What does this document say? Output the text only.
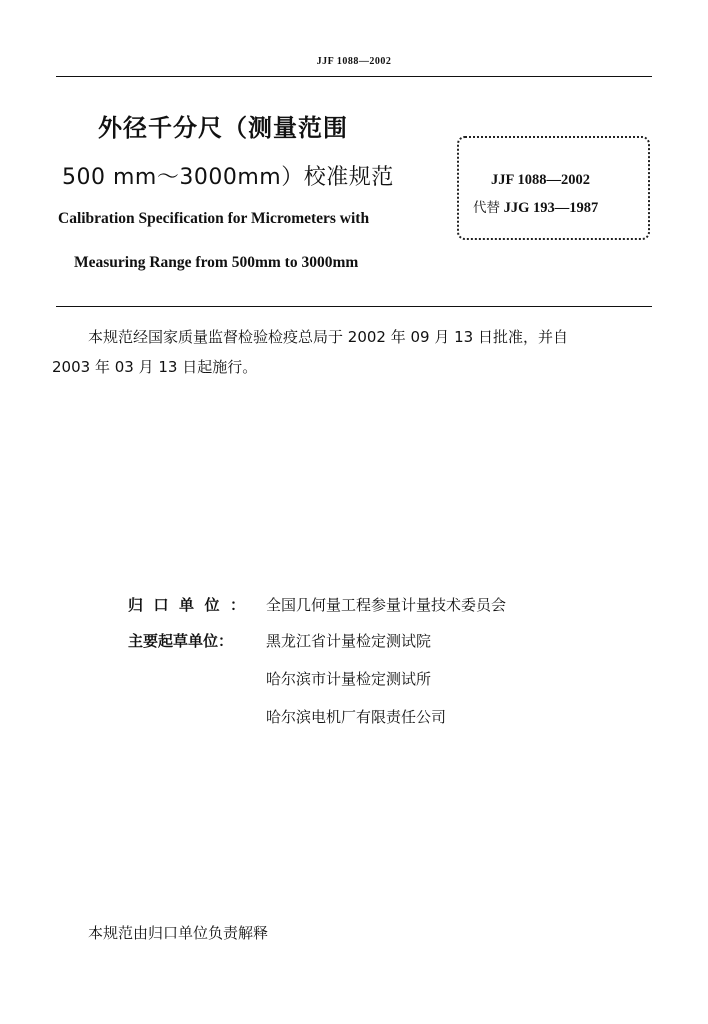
JJF 1088—2002
外径千分尺（测量范围
500 mm～3000mm）校准规范
Calibration Specification for Micrometers with
Measuring Range from 500mm to 3000mm
JJF 1088—2002
代替 JJG 193—1987
本规范经国家质量监督检验检疫总局于 2002 年 09 月 13 日批准，并自
2003 年 03 月 13 日起施行。
归口单位： 全国几何量工程参量计量技术委员会
主要起草单位： 黑龙江省计量检定测试院
哈尔滨市计量检定测试所
哈尔滨电机厂有限责任公司
本规范由归口单位负责解释
